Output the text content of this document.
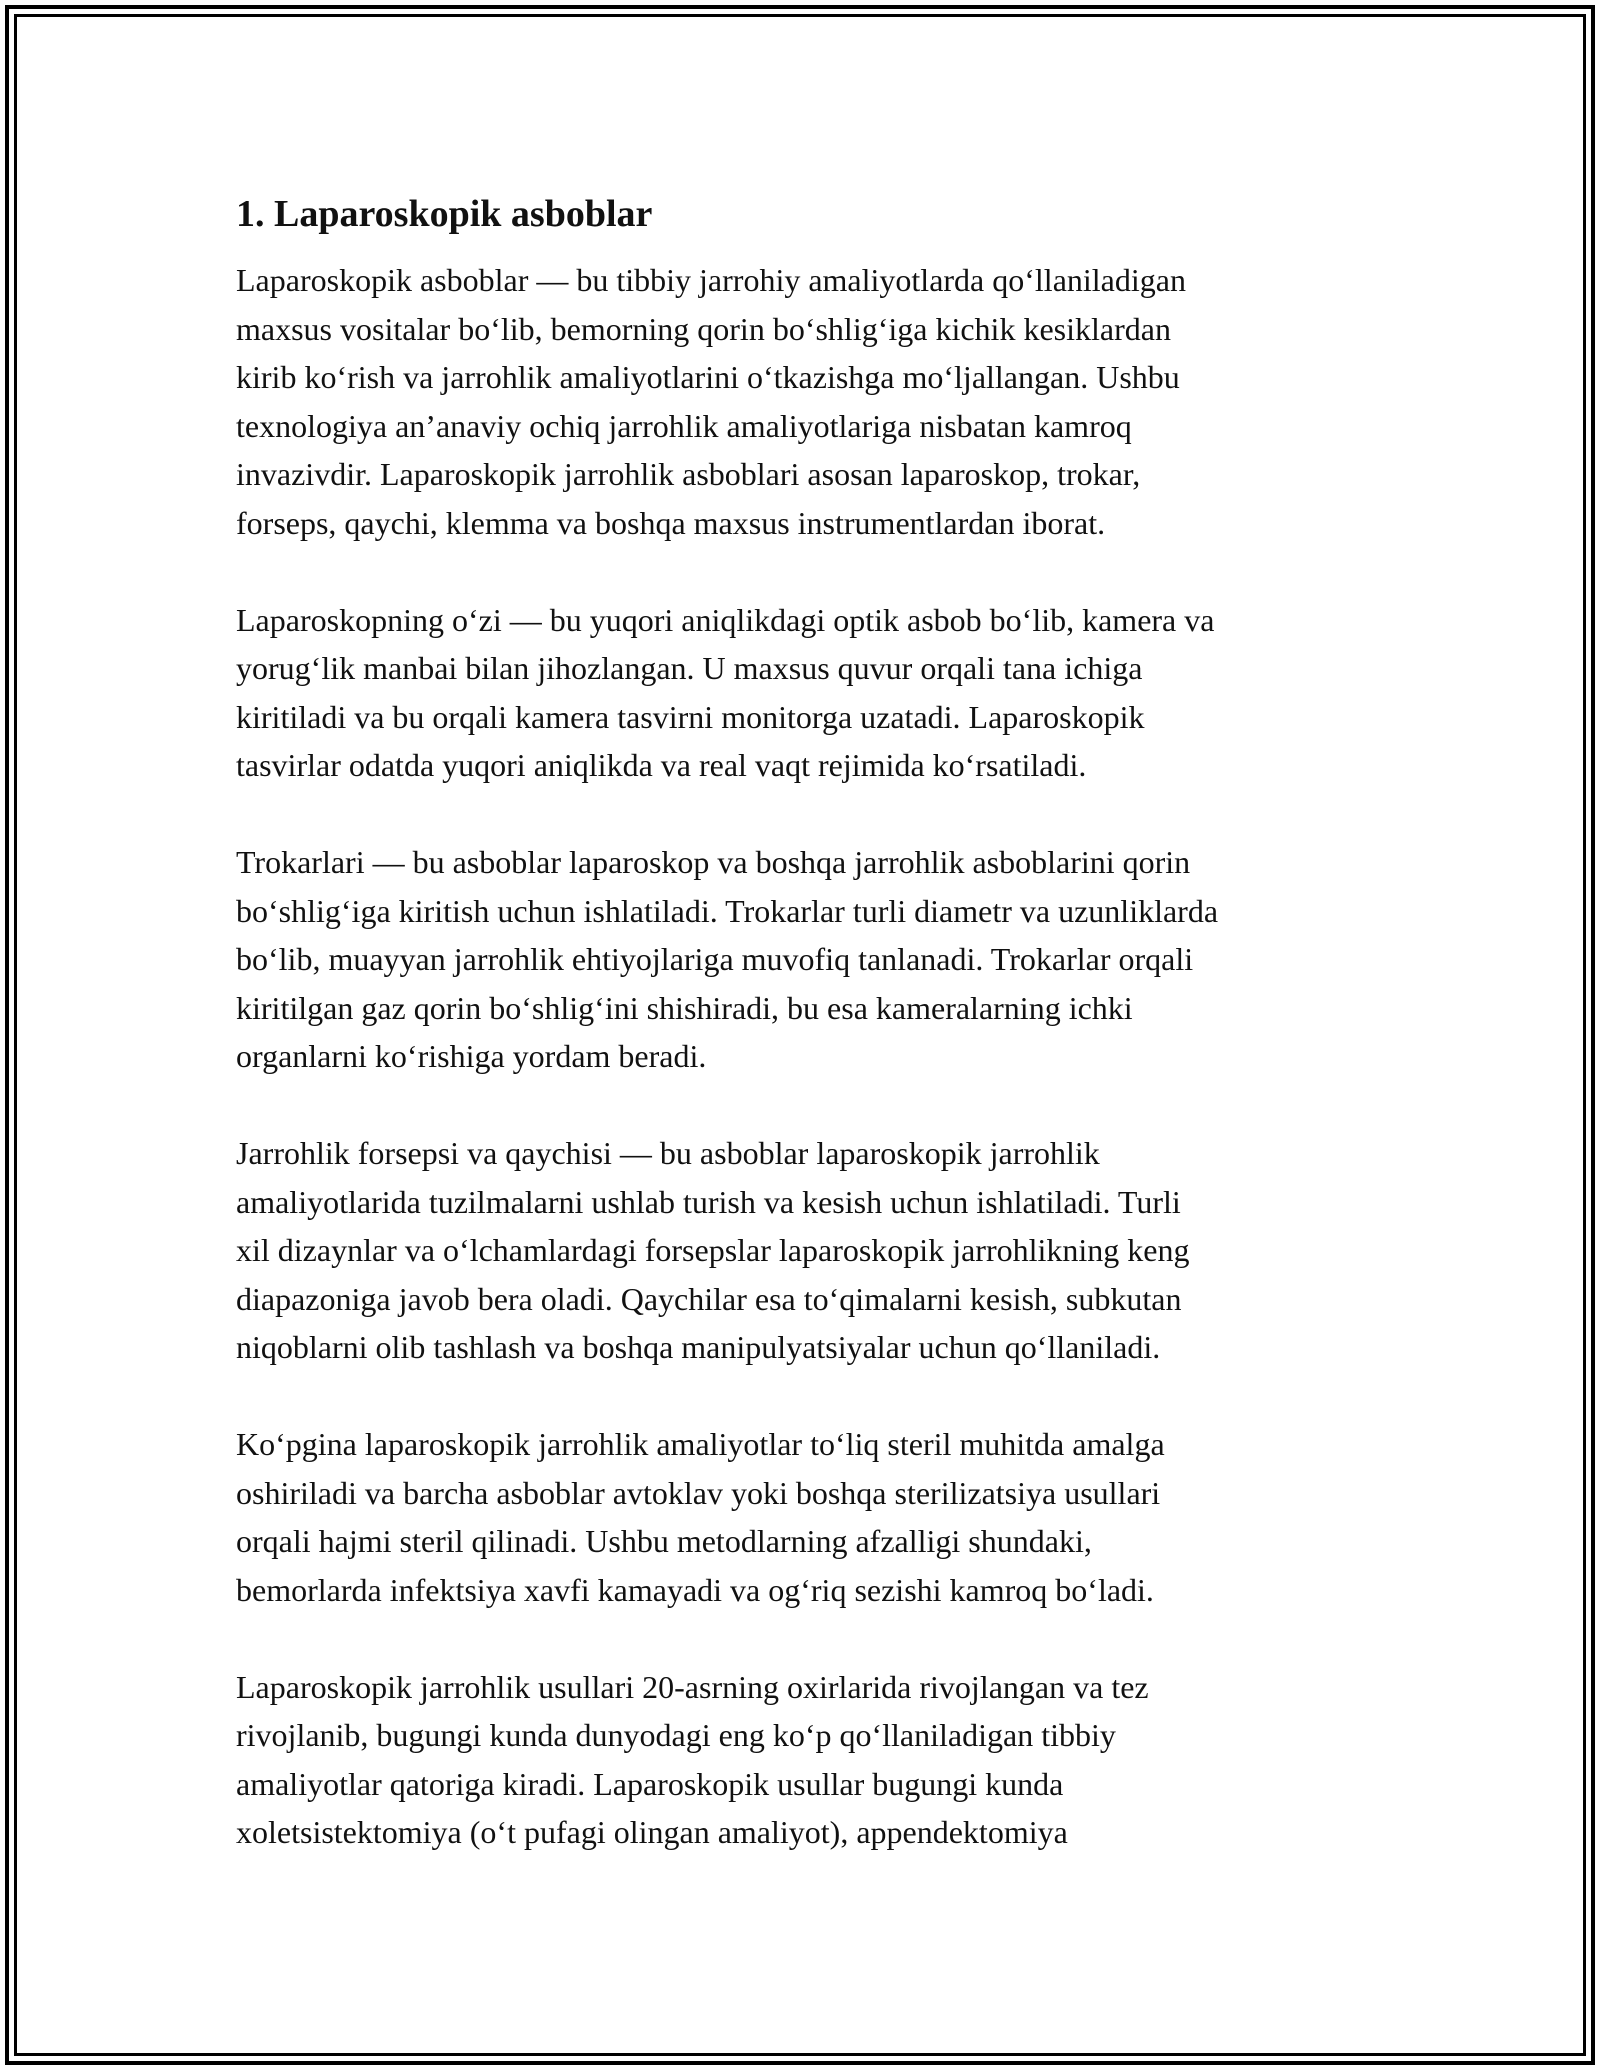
1. Laparoskopik asboblar

Laparoskopik asboblar — bu tibbiy jarrohiy amaliyotlarda qo‘llaniladigan
maxsus vositalar bo‘lib, bemorning qorin bo‘shlig‘iga kichik kesiklardan
kirib ko‘rish va jarrohlik amaliyotlarini o‘tkazishga mo‘ljallangan. Ushbu
texnologiya an’anaviy ochiq jarrohlik amaliyotlariga nisbatan kamroq
invazivdir. Laparoskopik jarrohlik asboblari asosan laparoskop, trokar,
forseps, qaychi, klemma va boshqa maxsus instrumentlardan iborat.

Laparoskopning o‘zi — bu yuqori aniqlikdagi optik asbob bo‘lib, kamera va
yorug‘lik manbai bilan jihozlangan. U maxsus quvur orqali tana ichiga
kiritiladi va bu orqali kamera tasvirni monitorga uzatadi. Laparoskopik
tasvirlar odatda yuqori aniqlikda va real vaqt rejimida ko‘rsatiladi.

Trokarlari — bu asboblar laparoskop va boshqa jarrohlik asboblarini qorin
bo‘shlig‘iga kiritish uchun ishlatiladi. Trokarlar turli diametr va uzunliklarda
bo‘lib, muayyan jarrohlik ehtiyojlariga muvofiq tanlanadi. Trokarlar orqali
kiritilgan gaz qorin bo‘shlig‘ini shishiradi, bu esa kameralarning ichki
organlarni ko‘rishiga yordam beradi.

Jarrohlik forsepsi va qaychisi — bu asboblar laparoskopik jarrohlik
amaliyotlarida tuzilmalarni ushlab turish va kesish uchun ishlatiladi. Turli
xil dizaynlar va o‘lchamlardagi forsepslar laparoskopik jarrohlikning keng
diapazoniga javob bera oladi. Qaychilar esa to‘qimalarni kesish, subkutan
niqoblarni olib tashlash va boshqa manipulyatsiyalar uchun qo‘llaniladi.

Ko‘pgina laparoskopik jarrohlik amaliyotlar to‘liq steril muhitda amalga
oshiriladi va barcha asboblar avtoklav yoki boshqa sterilizatsiya usullari
orqali hajmi steril qilinadi. Ushbu metodlarning afzalligi shundaki,
bemorlarda infektsiya xavfi kamayadi va og‘riq sezishi kamroq bo‘ladi.

Laparoskopik jarrohlik usullari 20-asrning oxirlarida rivojlangan va tez
rivojlanib, bugungi kunda dunyodagi eng ko‘p qo‘llaniladigan tibbiy
amaliyotlar qatoriga kiradi. Laparoskopik usullar bugungi kunda
xoletsistektomiya (o‘t pufagi olingan amaliyot), appendektomiya
